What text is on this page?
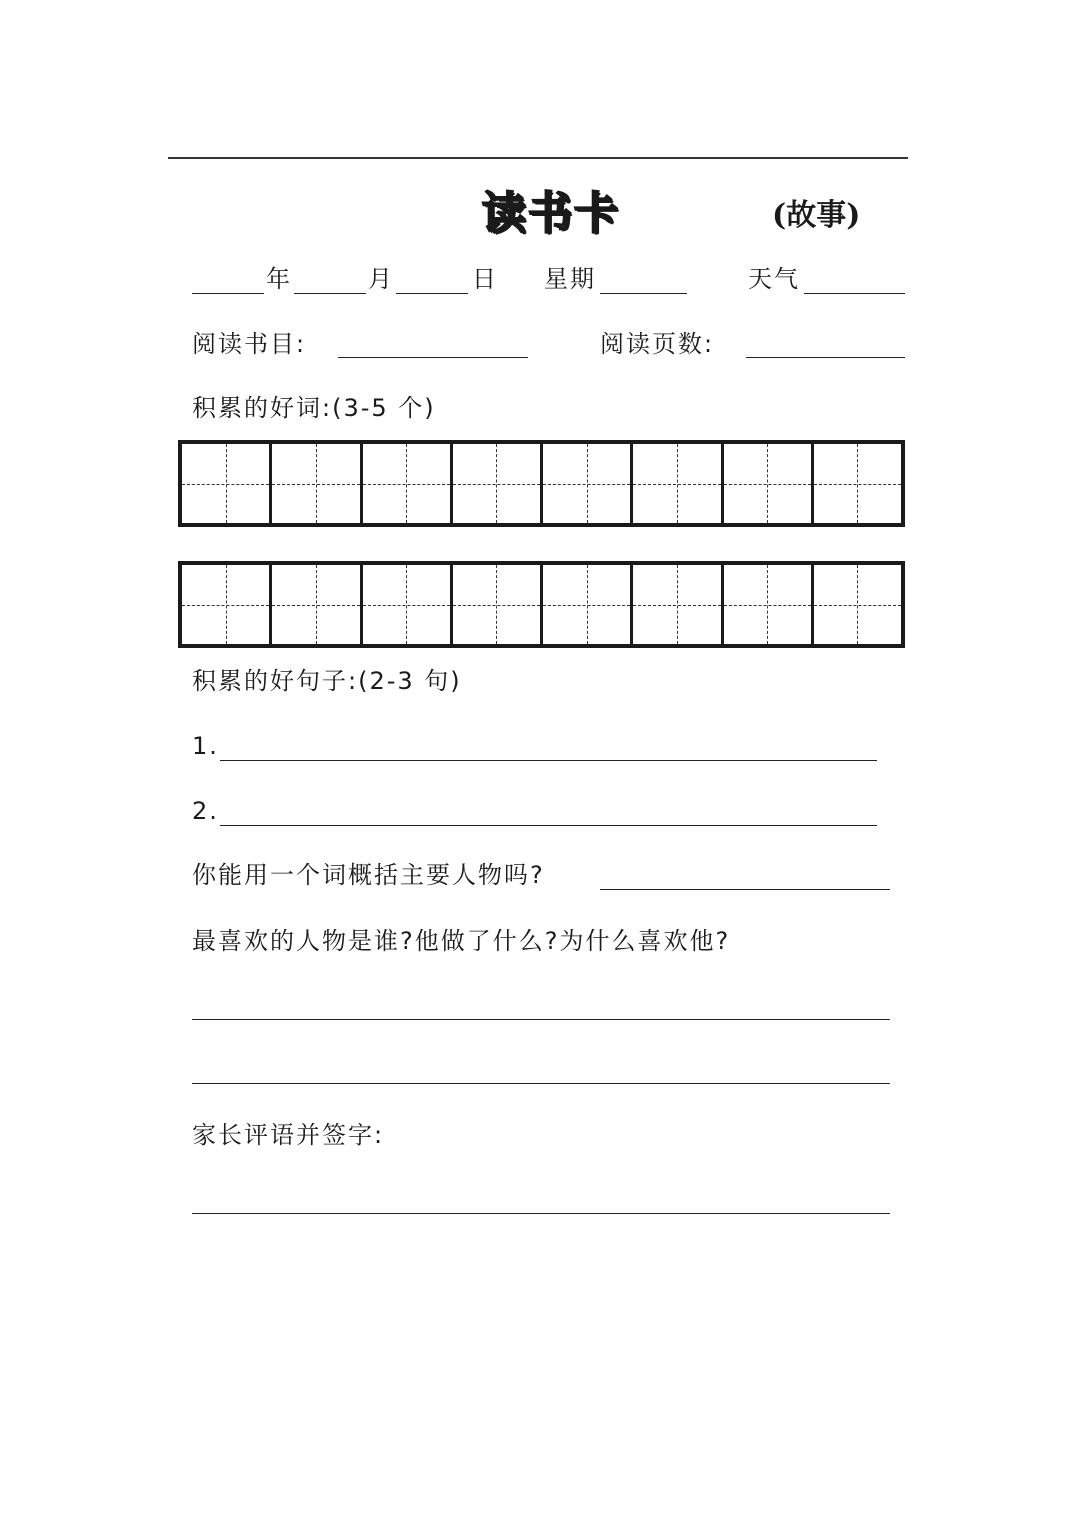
读书卡	(故事)
年	月	日 星期	天气
阅读书目:	阅读页数:
积累的好词:(3-5 个)
积累的好句子:(2-3 句)
1.
2.
你能用一个词概括主要人物吗?
最喜欢的人物是谁?他做了什么?为什么喜欢他?
家长评语并签字:
